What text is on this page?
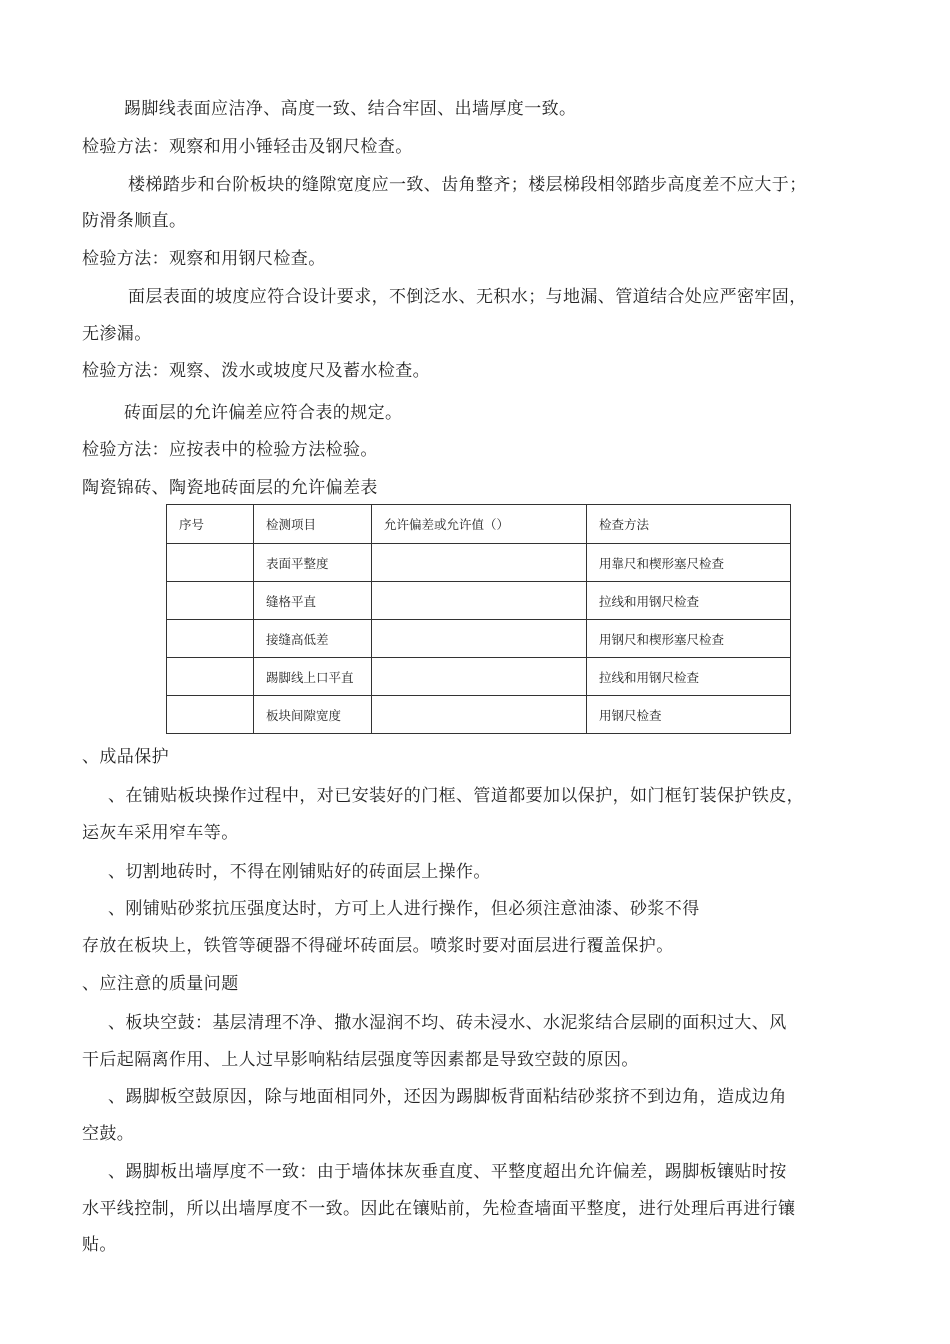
踢脚线表面应洁净、高度一致、结合牢固、出墙厚度一致。
检验方法：观察和用小锤轻击及钢尺检查。
楼梯踏步和台阶板块的缝隙宽度应一致、齿角整齐；楼层梯段相邻踏步高度差不应大于；
防滑条顺直。
检验方法：观察和用钢尺检查。
面层表面的坡度应符合设计要求，不倒泛水、无积水；与地漏、管道结合处应严密牢固，
无渗漏。
检验方法：观察、泼水或坡度尺及蓄水检查。
砖面层的允许偏差应符合表的规定。
检验方法：应按表中的检验方法检验。
陶瓷锦砖、陶瓷地砖面层的允许偏差表
序号	检测项目	允许偏差或允许值（）	检查方法
	表面平整度		用靠尺和楔形塞尺检查
	缝格平直		拉线和用钢尺检查
	接缝高低差		用钢尺和楔形塞尺检查
	踢脚线上口平直		拉线和用钢尺检查
	板块间隙宽度		用钢尺检查
、成品保护
、在铺贴板块操作过程中，对已安装好的门框、管道都要加以保护，如门框钉装保护铁皮，
运灰车采用窄车等。
、切割地砖时，不得在刚铺贴好的砖面层上操作。
、刚铺贴砂浆抗压强度达时，方可上人进行操作，但必须注意油漆、砂浆不得
存放在板块上，铁管等硬器不得碰坏砖面层。喷浆时要对面层进行覆盖保护。
、应注意的质量问题
、板块空鼓：基层清理不净、撒水湿润不均、砖未浸水、水泥浆结合层刷的面积过大、风
干后起隔离作用、上人过早影响粘结层强度等因素都是导致空鼓的原因。
、踢脚板空鼓原因，除与地面相同外，还因为踢脚板背面粘结砂浆挤不到边角，造成边角
空鼓。
、踢脚板出墙厚度不一致：由于墙体抹灰垂直度、平整度超出允许偏差，踢脚板镶贴时按
水平线控制，所以出墙厚度不一致。因此在镶贴前，先检查墙面平整度，进行处理后再进行镶
贴。
